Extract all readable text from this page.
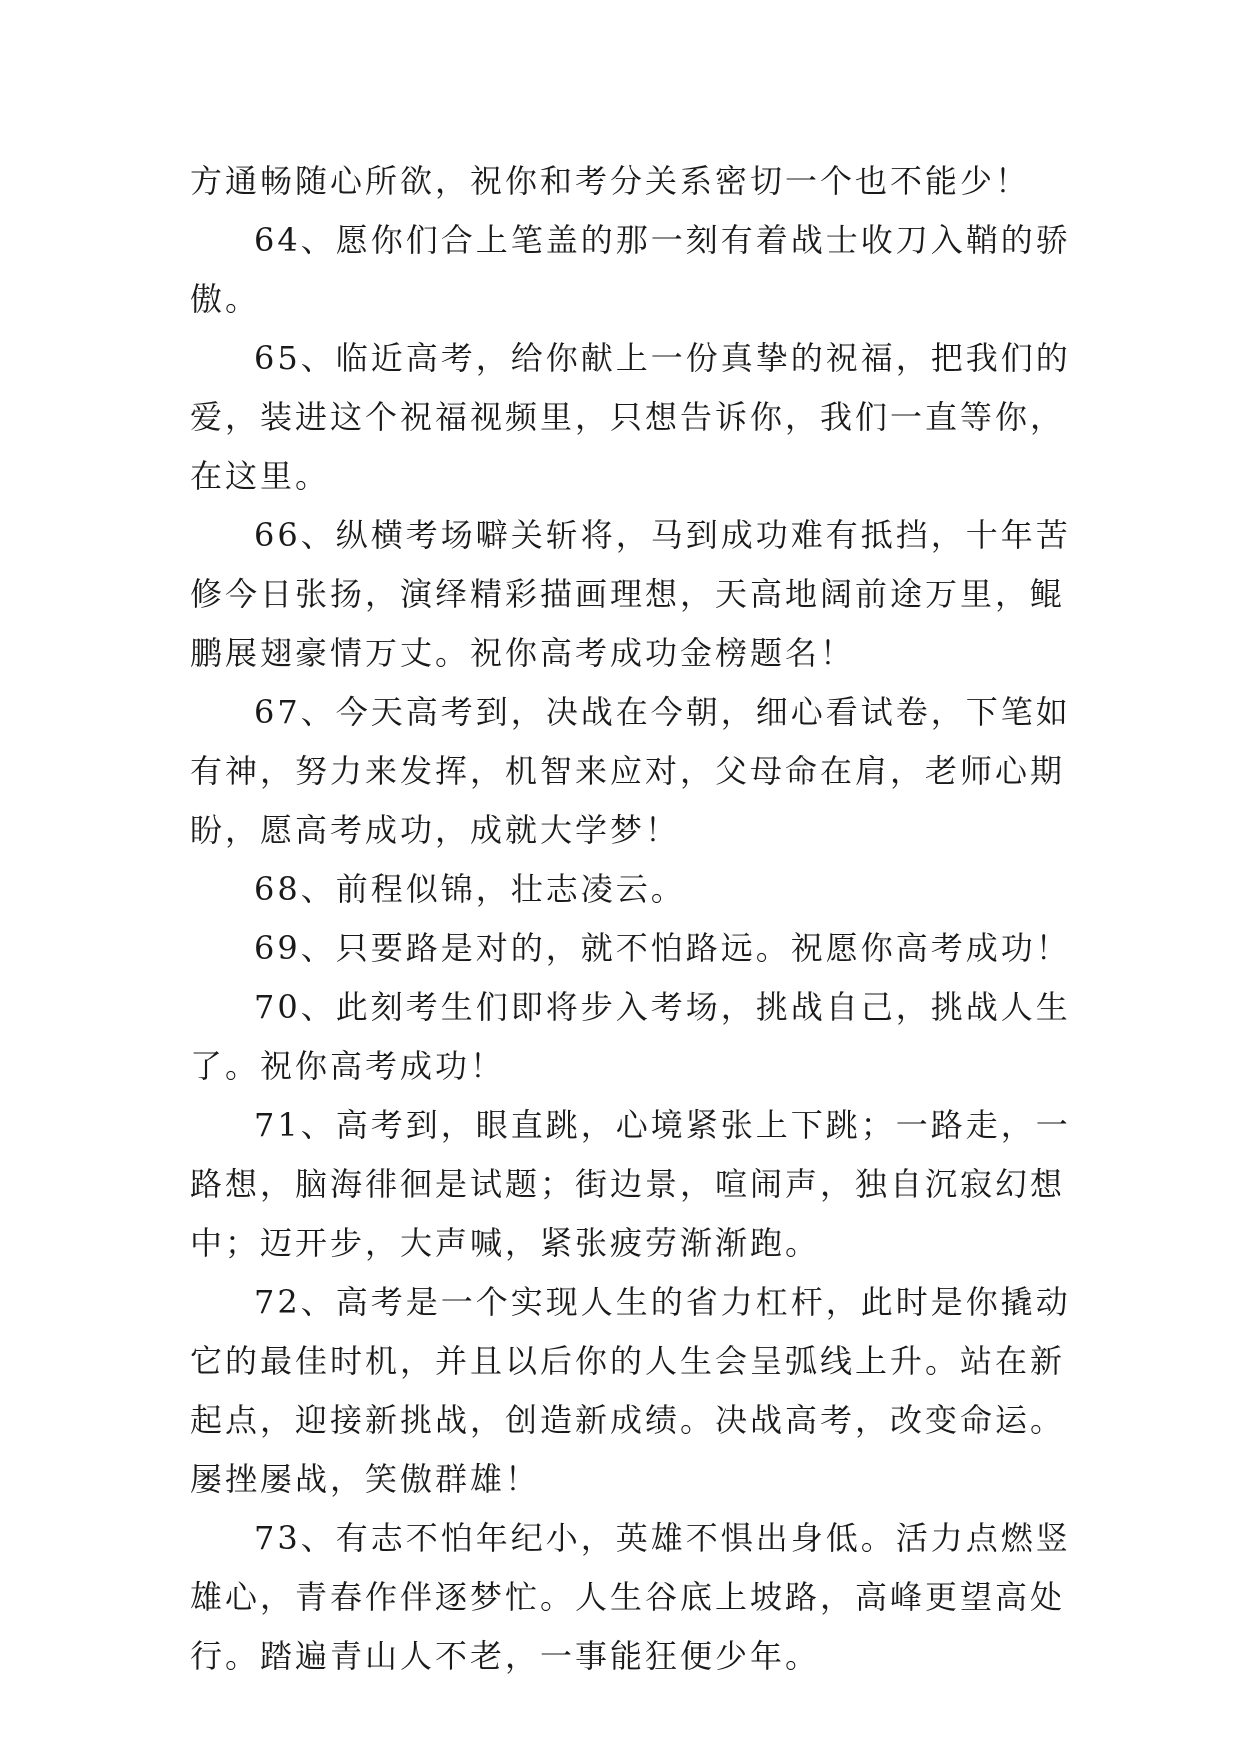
方通畅随心所欲，祝你和考分关系密切一个也不能少！

64、愿你们合上笔盖的那一刻有着战士收刀入鞘的骄傲。

65、临近高考，给你献上一份真挚的祝福，把我们的爱，装进这个祝福视频里，只想告诉你，我们一直等你，在这里。

66、纵横考场噼关斩将，马到成功难有抵挡，十年苦修今日张扬，演绎精彩描画理想，天高地阔前途万里，鲲鹏展翅豪情万丈。祝你高考成功金榜题名！

67、今天高考到，决战在今朝，细心看试卷，下笔如有神，努力来发挥，机智来应对，父母命在肩，老师心期盼，愿高考成功，成就大学梦！

68、前程似锦，壮志凌云。

69、只要路是对的，就不怕路远。祝愿你高考成功！

70、此刻考生们即将步入考场，挑战自己，挑战人生了。祝你高考成功！

71、高考到，眼直跳，心境紧张上下跳；一路走，一路想，脑海徘徊是试题；街边景，喧闹声，独自沉寂幻想中；迈开步，大声喊，紧张疲劳渐渐跑。

72、高考是一个实现人生的省力杠杆，此时是你撬动它的最佳时机，并且以后你的人生会呈弧线上升。站在新起点，迎接新挑战，创造新成绩。决战高考，改变命运。屡挫屡战，笑傲群雄！

73、有志不怕年纪小，英雄不惧出身低。活力点燃竖雄心，青春作伴逐梦忙。人生谷底上坡路，高峰更望高处行。踏遍青山人不老，一事能狂便少年。
